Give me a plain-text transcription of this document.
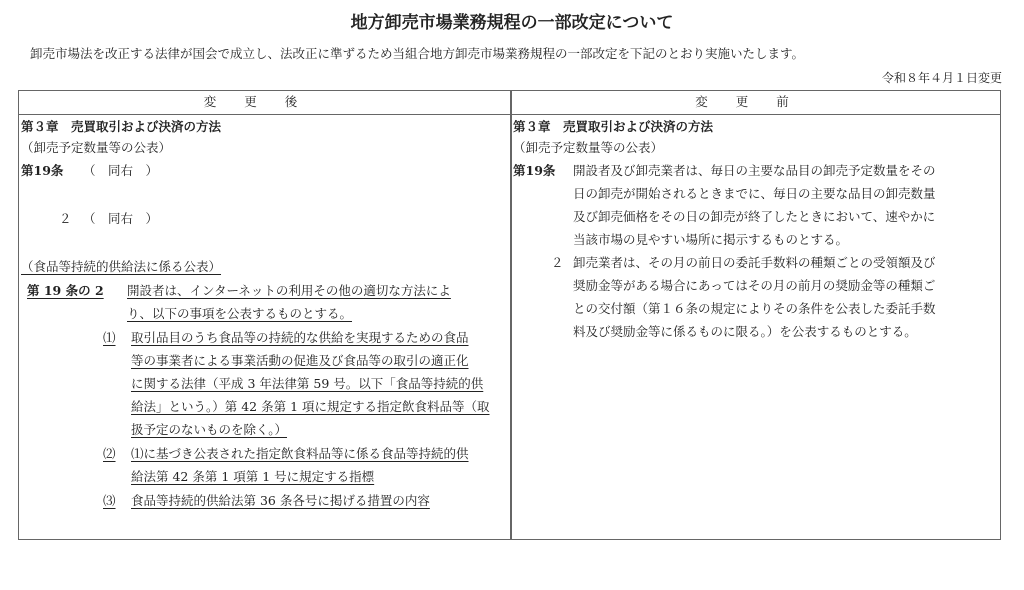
地方卸売市場業務規程の一部改定について
卸売市場法を改正する法律が国会で成立し、法改正に準ずるため当組合地方卸売市場業務規程の一部改定を下記のとおり実施いたします。
令和８年４月１日変更
変更後	変更前
第３章　売買取引および決済の方法
（卸売予定数量等の公表）
第19条 （　同右　）
２ （　同右　）
（食品等持続的供給法に係る公表）
第 19 条の 2 開設者は、インターネットの利用その他の適切な方法によ
り、以下の事項を公表するものとする。
⑴ 取引品目のうち食品等の持続的な供給を実現するための食品
等の事業者による事業活動の促進及び食品等の取引の適正化
に関する法律（平成 3 年法律第 59 号。以下「食品等持続的供
給法」という。）第 42 条第 1 項に規定する指定飲食料品等（取
扱予定のないものを除く。）
⑵ ⑴に基づき公表された指定飲食料品等に係る食品等持続的供
給法第 42 条第 1 項第 1 号に規定する指標
⑶ 食品等持続的供給法第 36 条各号に掲げる措置の内容
第３章　売買取引および決済の方法
（卸売予定数量等の公表）
第19条 開設者及び卸売業者は、毎日の主要な品目の卸売予定数量をその
日の卸売が開始されるときまでに、毎日の主要な品目の卸売数量
及び卸売価格をその日の卸売が終了したときにおいて、速やかに
当該市場の見やすい場所に掲示するものとする。
２ 卸売業者は、その月の前日の委託手数料の種類ごとの受領額及び
奨励金等がある場合にあってはその月の前月の奨励金等の種類ご
との交付額（第１６条の規定によりその条件を公表した委託手数
料及び奨励金等に係るものに限る。）を公表するものとする。
